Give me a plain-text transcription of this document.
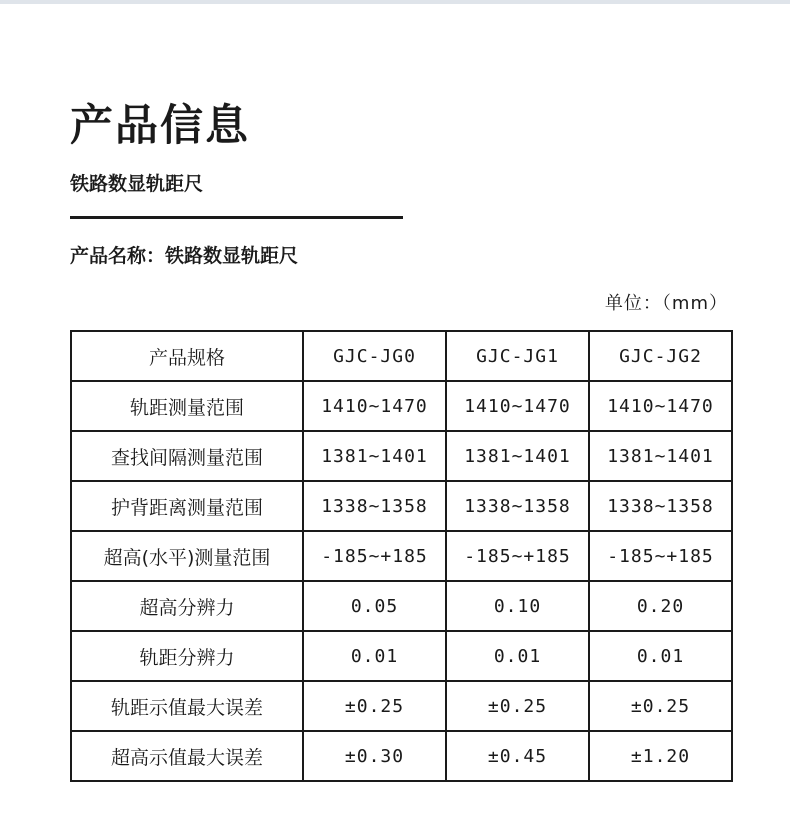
产品信息
铁路数显轨距尺
产品名称：铁路数显轨距尺
单位：（mm）
产品规格	GJC-JG0	GJC-JG1	GJC-JG2
轨距测量范围	1410~1470	1410~1470	1410~1470
查找间隔测量范围	1381~1401	1381~1401	1381~1401
护背距离测量范围	1338~1358	1338~1358	1338~1358
超高(水平)测量范围	-185~+185	-185~+185	-185~+185
超高分辨力	0.05	0.10	0.20
轨距分辨力	0.01	0.01	0.01
轨距示值最大误差	±0.25	±0.25	±0.25
超高示值最大误差	±0.30	±0.45	±1.20
